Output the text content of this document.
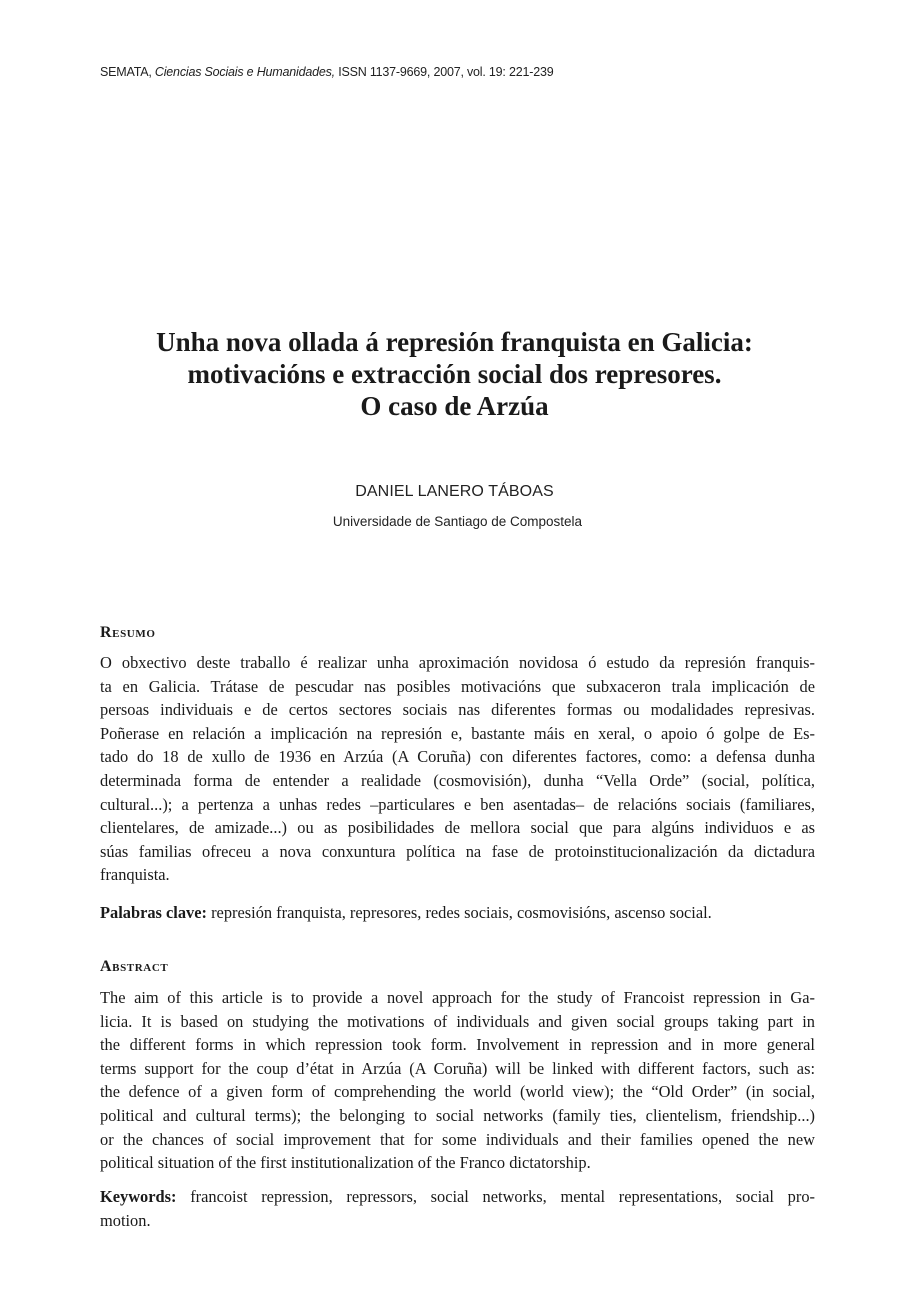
SEMATA, Ciencias Sociais e Humanidades, ISSN 1137-9669, 2007, vol. 19: 221-239
Unha nova ollada á represión franquista en Galicia:
motivacións e extracción social dos represores.
O caso de Arzúa
DANIEL LANERO TÁBOAS
Universidade de Santiago de Compostela
Resumo
O obxectivo deste traballo é realizar unha aproximación novidosa ó estudo da represión franquis-
ta en Galicia. Trátase de pescudar nas posibles motivacións que subxaceron trala implicación de
persoas individuais e de certos sectores sociais nas diferentes formas ou modalidades represivas.
Poñerase en relación a implicación na represión e, bastante máis en xeral, o apoio ó golpe de Es-
tado do 18 de xullo de 1936 en Arzúa (A Coruña) con diferentes factores, como: a defensa dunha
determinada forma de entender a realidade (cosmovisión), dunha “Vella Orde” (social, política,
cultural...); a pertenza a unhas redes –particulares e ben asentadas– de relacións sociais (familiares,
clientelares, de amizade...) ou as posibilidades de mellora social que para algúns individuos e as
súas familias ofreceu a nova conxuntura política na fase de protoinstitucionalización da dictadura
franquista.
Palabras clave: represión franquista, represores, redes sociais, cosmovisións, ascenso social.
Abstract
The aim of this article is to provide a novel approach for the study of Francoist repression in Ga-
licia. It is based on studying the motivations of individuals and given social groups taking part in
the different forms in which repression took form. Involvement in repression and in more general
terms support for the coup d’état in Arzúa (A Coruña) will be linked with different factors, such as:
the defence of a given form of comprehending the world (world view); the “Old Order” (in social,
political and cultural terms); the belonging to social networks (family ties, clientelism, friendship...)
or the chances of social improvement that for some individuals and their families opened the new
political situation of the first institutionalization of the Franco dictatorship.
Keywords: francoist repression, repressors, social networks, mental representations, social pro-
motion.
